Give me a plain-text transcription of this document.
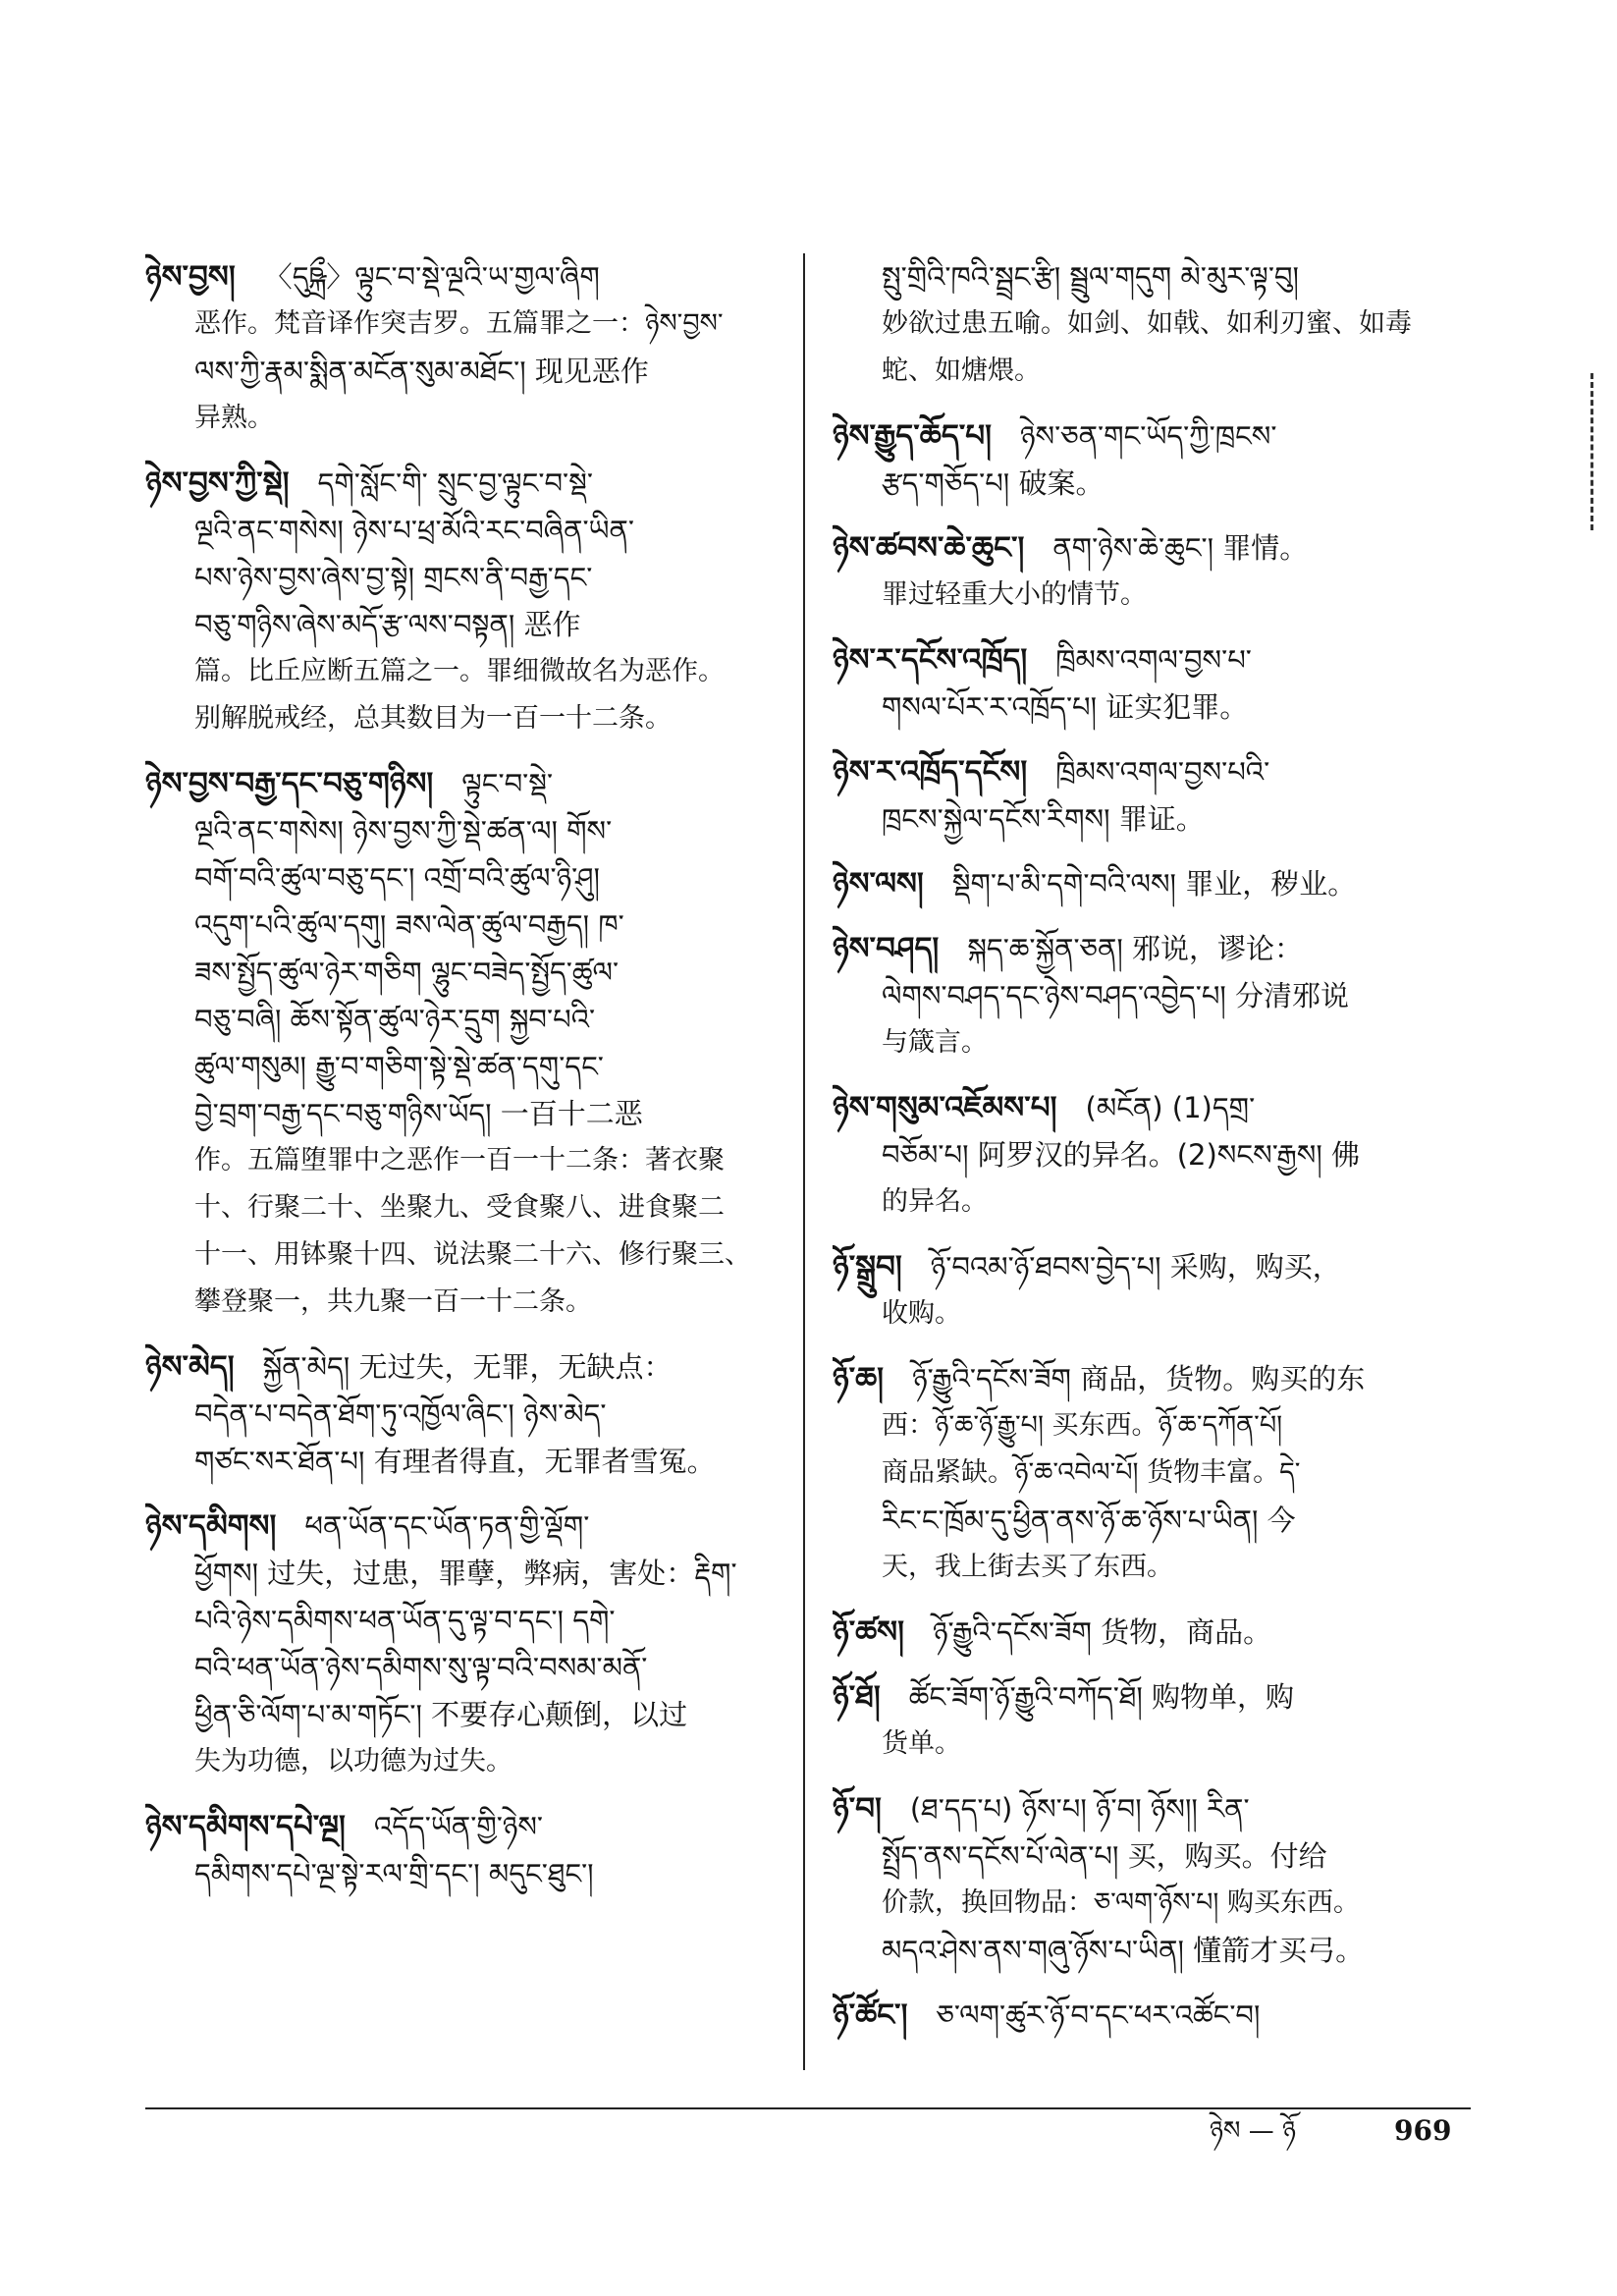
ཉེས་བྱས།  〈དུཥྐྲྀ〉ལྟུང་བ་སྡེ་ལྔའི་ཡ་གྱལ་ཞིག
恶作。梵音译作突吉罗。五篇罪之一：ཉེས་བྱས་
ལས་ཀྱི་རྣམ་སྨིན་མངོན་སུམ་མཐོང་། 现见恶作
异熟。
ཉེས་བྱས་ཀྱི་སྡེ།  དགེ་སློང་གི་ སྲུང་བྱ་ལྟུང་བ་སྡེ་
ལྔའི་ནང་གསེས། ཉེས་པ་ཕྲ་མོའི་རང་བཞིན་ཡིན་
པས་ཉེས་བྱས་ཞེས་བྱ་སྟེ། གྲངས་ནི་བརྒྱ་དང་
བཅུ་གཉིས་ཞེས་མདོ་རྩ་ལས་བསྟན། 恶作
篇。比丘应断五篇之一。罪细微故名为恶作。
别解脱戒经，总其数目为一百一十二条。
ཉེས་བྱས་བརྒྱ་དང་བཅུ་གཉིས།  ལྟུང་བ་སྡེ་
ལྔའི་ནང་གསེས། ཉེས་བྱས་ཀྱི་སྡེ་ཚན་ལ། གོས་
བགོ་བའི་ཚུལ་བཅུ་དང་། འགྲོ་བའི་ཚུལ་ཉི་ཤུ།
འདུག་པའི་ཚུལ་དགུ། ཟས་ལེན་ཚུལ་བརྒྱད། ཁ་
ཟས་སྤྱོད་ཚུལ་ཉེར་གཅིག ལྷུང་བཟེད་སྤྱོད་ཚུལ་
བཅུ་བཞི། ཆོས་སྟོན་ཚུལ་ཉེར་དྲུག སྐྱབ་པའི་
ཚུལ་གསུམ། རྒྱུ་བ་གཅིག་སྟེ་སྡེ་ཚན་དགུ་དང་
བྱེ་བྲག་བརྒྱ་དང་བཅུ་གཉིས་ཡོད། 一百十二恶
作。五篇堕罪中之恶作一百一十二条：著衣聚
十、行聚二十、坐聚九、受食聚八、进食聚二
十一、用钵聚十四、说法聚二十六、修行聚三、
攀登聚一，共九聚一百一十二条。
ཉེས་མེད།  སྐྱོན་མེད། 无过失，无罪，无缺点：
བདེན་པ་བདེན་ཐོག་ཏུ་འཁྱོལ་ཞིང་། ཉེས་མེད་
གཙང་སར་ཐོན་པ། 有理者得直，无罪者雪冤。
ཉེས་དམིགས།  ཕན་ཡོན་དང་ཡོན་ཏན་གྱི་ལྡོག་
ཕྱོགས། 过失，过患，罪孽，弊病，害处：རྡིག་
པའི་ཉེས་དམིགས་ཕན་ཡོན་དུ་ལྟ་བ་དང་། དགེ་
བའི་ཕན་ཡོན་ཉེས་དམིགས་སུ་ལྟ་བའི་བསམ་མནོ་
ཕྱིན་ཅི་ལོག་པ་མ་གཏོང་། 不要存心颠倒，以过
失为功德，以功德为过失。
ཉེས་དམིགས་དཔེ་ལྔ།  འདོད་ཡོན་གྱི་ཉེས་
དམིགས་དཔེ་ལྔ་སྟེ་རལ་གྲི་དང་། མདུང་ཐུང་།
སྤུ་གྲིའི་ཁའི་སྦྲང་རྩི། སྦྲུལ་གདུག མེ་མུར་ལྟ་བུ།
妙欲过患五喻。如剑、如戟、如利刃蜜、如毒
蛇、如煻煨。
ཉེས་རྒྱུད་ཆོད་པ།  ཉེས་ཅན་གང་ཡོད་ཀྱི་ཁྲངས་
རྩད་གཅོད་པ། 破案。
ཉེས་ཚབས་ཆེ་ཆུང་།  ནག་ཉེས་ཆེ་ཆུང་། 罪情。
罪过轻重大小的情节。
ཉེས་ར་དངོས་འཁྲོད།  ཁྲིམས་འགལ་བྱས་པ་
གསལ་པོར་ར་འཁྲོད་པ། 证实犯罪。
ཉེས་ར་འཁྲོད་དངོས།  ཁྲིམས་འགལ་བྱས་པའི་
ཁྲངས་སྐྱེལ་དངོས་རིགས། 罪证。
ཉེས་ལས།  སྡིག་པ་མི་དགེ་བའི་ལས། 罪业，秽业。
ཉེས་བཤད།  སྐད་ཆ་སྐྱོན་ཅན། 邪说，谬论：
ལེགས་བཤད་དང་ཉེས་བཤད་འབྱེད་པ། 分清邪说
与箴言。
ཉེས་གསུམ་འཇོམས་པ།  (མངོན) (1)དགྲ་
བཅོམ་པ། 阿罗汉的异名。(2)སངས་རྒྱས། 佛
的异名。
ཉོ་སྒྲུབ།  ཉོ་བའམ་ཉོ་ཐབས་བྱེད་པ། 采购，购买，
收购。
ཉོ་ཆ།  ཉོ་རྒྱུའི་དངོས་ཟོག 商品，货物。购买的东
西：ཉོ་ཆ་ཉོ་རྒྱུ་པ། 买东西。ཉོ་ཆ་དཀོན་པོ།
商品紧缺。ཉོ་ཆ་འབེལ་པོ། 货物丰富。དེ་
རིང་ང་ཁྲོམ་དུ་ཕྱིན་ནས་ཉོ་ཆ་ཉོས་པ་ཡིན། 今
天，我上街去买了东西。
ཉོ་ཚས།  ཉོ་རྒྱུའི་དངོས་ཟོག 货物，商品。
ཉོ་ཐོ།  ཚོང་ཟོག་ཉོ་རྒྱུའི་བཀོད་ཐོ། 购物单，购
货单。
ཉོ་བ།  (ཐ་དད་པ) ཉོས་པ། ཉོ་བ། ཉོས།། རིན་
སྤྲོད་ནས་དངོས་པོ་ལེན་པ། 买，购买。付给
价款，换回物品：ཅ་ལག་ཉོས་པ། 购买东西。
མདའ་ཤེས་ནས་གཞུ་ཉོས་པ་ཡིན། 懂箭才买弓。
ཉོ་ཚོང་།  ཅ་ལག་ཚུར་ཉོ་བ་དང་ཕར་འཚོང་བ།
ཉེས — ཉོ	969
